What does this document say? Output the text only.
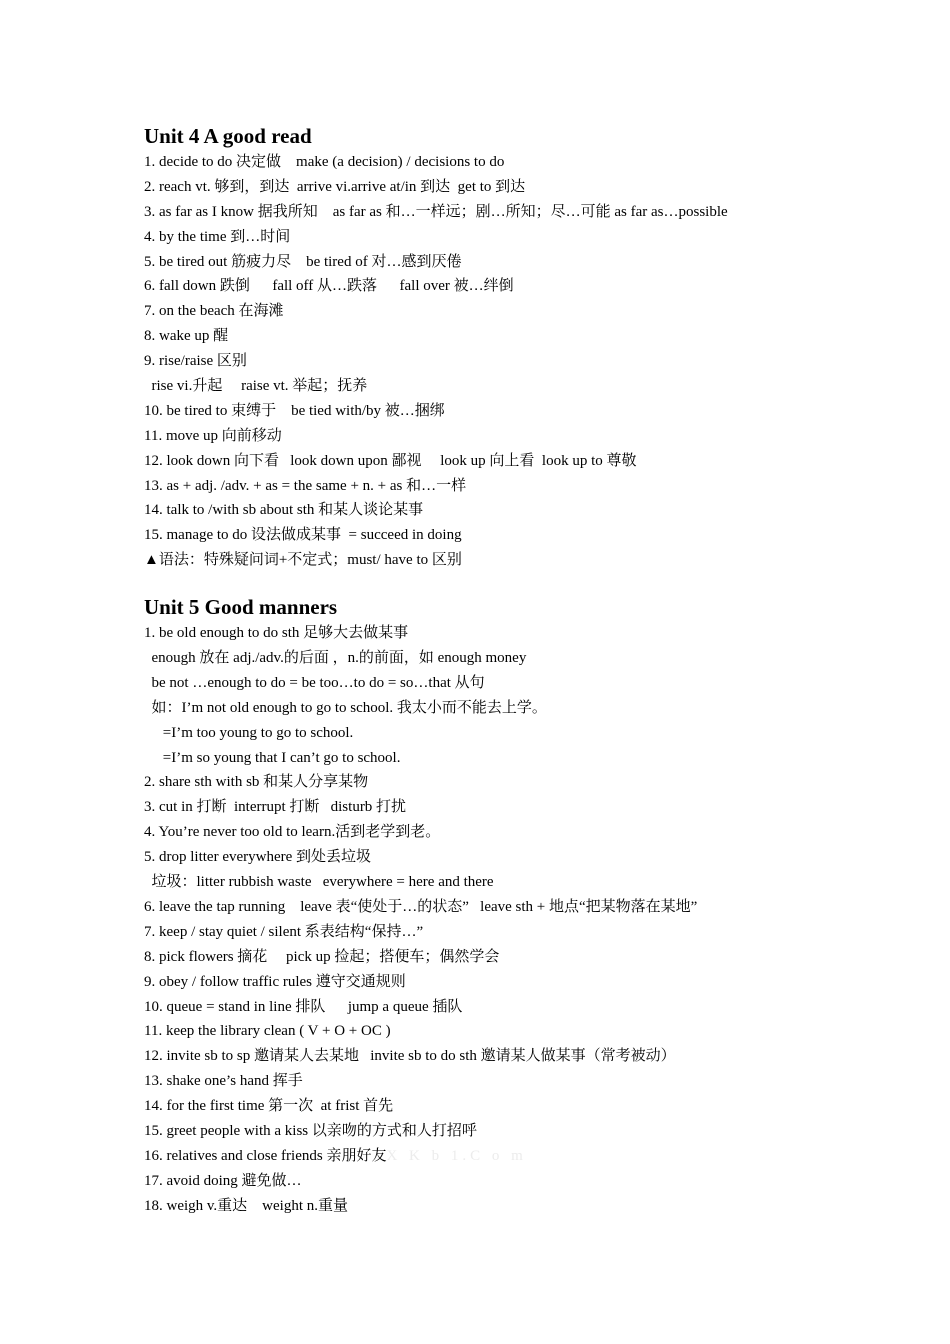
Unit 4 A good read
1. decide to do 决定做    make (a decision) / decisions to do
2. reach vt. 够到，到达  arrive vi.arrive at/in 到达  get to 到达
3. as far as I know 据我所知    as far as 和…一样远；剧…所知；尽…可能 as far as…possible
4. by the time 到…时间
5. be tired out 筋疲力尽    be tired of 对…感到厌倦
6. fall down 跌倒      fall off 从…跌落      fall over 被…绊倒
7. on the beach 在海滩
8. wake up 醒
9. rise/raise 区别
rise vi.升起     raise vt. 举起；抚养
10. be tired to 束缚于    be tied with/by 被…捆绑
11. move up 向前移动
12. look down 向下看   look down upon 鄙视     look up 向上看  look up to 尊敬
13. as + adj. /adv. + as = the same + n. + as 和…一样
14. talk to /with sb about sth 和某人谈论某事
15. manage to do 设法做成某事  = succeed in doing
▲语法：特殊疑问词+不定式；must/ have to 区别
Unit 5 Good manners
1. be old enough to do sth 足够大去做某事
enough 放在 adj./adv.的后面 ，n.的前面，如 enough money
be not …enough to do = be too…to do = so…that 从句
如：I’m not old enough to go to school. 我太小而不能去上学。
=I’m too young to go to school.
=I’m so young that I can’t go to school.
2. share sth with sb 和某人分享某物
3. cut in 打断  interrupt 打断   disturb 打扰
4. You’re never too old to learn.活到老学到老。
5. drop litter everywhere 到处丢垃圾
垃圾：litter rubbish waste   everywhere = here and there
6. leave the tap running    leave 表“使处于…的状态”   leave sth + 地点“把某物落在某地”
7. keep / stay quiet / silent 系表结构“保持…”
8. pick flowers 摘花     pick up 捡起；搭便车；偶然学会
9. obey / follow traffic rules 遵守交通规则
10. queue = stand in line 排队      jump a queue 插队
11. keep the library clean ( V + O + OC )
12. invite sb to sp 邀请某人去某地   invite sb to do sth 邀请某人做某事（常考被动）
13. shake one’s hand 挥手
14. for the first time 第一次  at frist 首先
15. greet people with a kiss 以亲吻的方式和人打招呼
16. relatives and close friends 亲朋好友X K b 1.C o m
17. avoid doing 避免做…
18. weigh v.重达    weight n.重量
